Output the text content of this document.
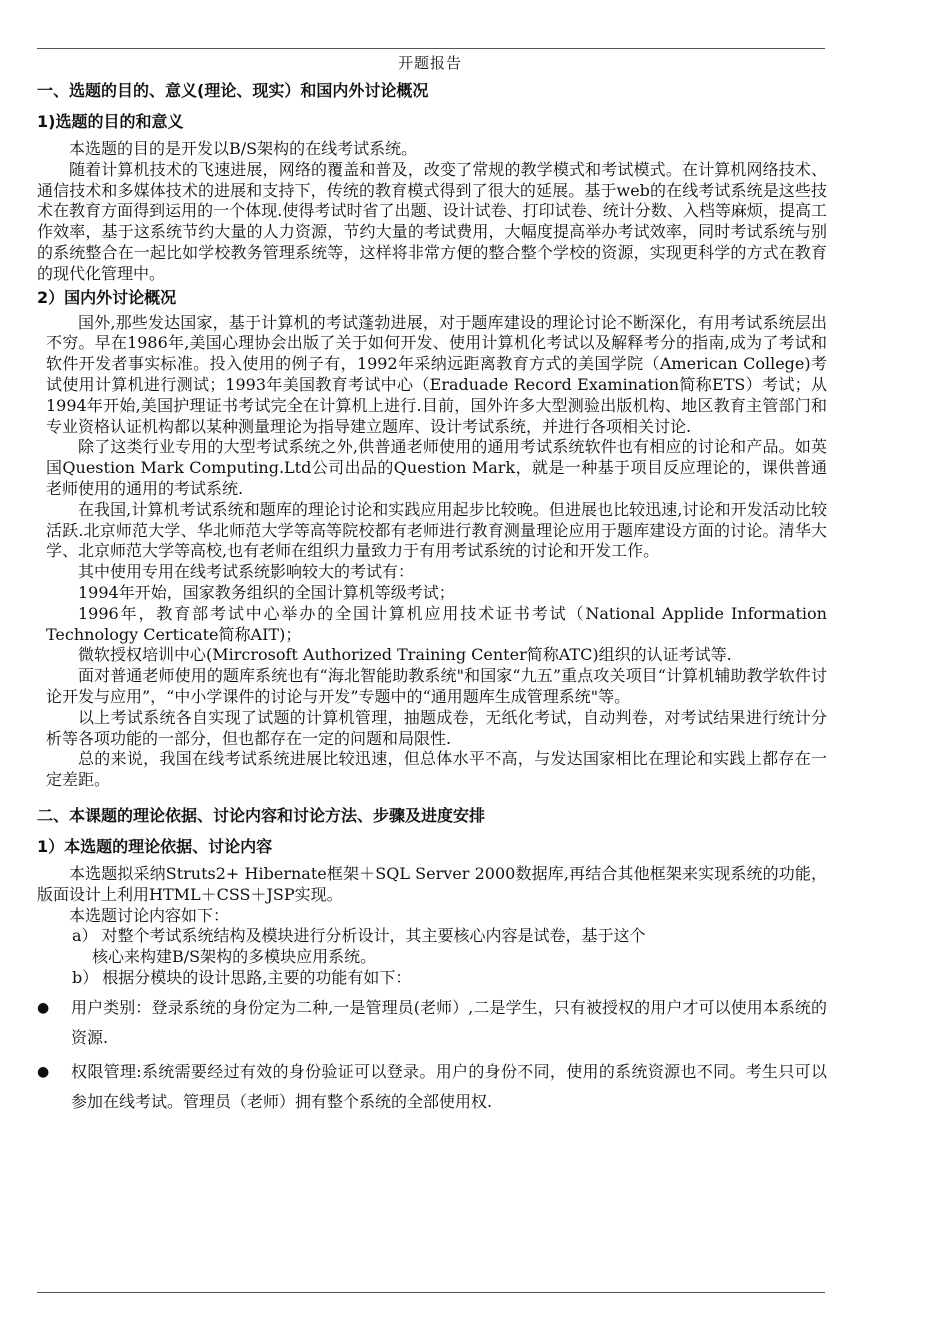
开题报告
一、选题的目的、意义(理论、现实）和国内外讨论概况
1)选题的目的和意义

本选题的目的是开发以B/S架构的在线考试系统。

随着计算机技术的飞速进展，网络的覆盖和普及，改变了常规的教学模式和考试模式。在计算机网络技术、通信技术和多媒体技术的进展和支持下，传统的教育模式得到了很大的延展。基于web的在线考试系统是这些技术在教育方面得到运用的一个体现.使得考试时省了出题、设计试卷、打印试卷、统计分数、入档等麻烦，提高工作效率，基于这系统节约大量的人力资源，节约大量的考试费用，大幅度提高举办考试效率，同时考试系统与别的系统整合在一起比如学校教务管理系统等，这样将非常方便的整合整个学校的资源，实现更科学的方式在教育的现代化管理中。

2）国内外讨论概况

国外,那些发达国家，基于计算机的考试蓬勃进展，对于题库建设的理论讨论不断深化，有用考试系统层出不穷。早在1986年,美国心理协会出版了关于如何开发、使用计算机化考试以及解释考分的指南,成为了考试和软件开发者事实标准。投入使用的例子有，1992年采纳远距离教育方式的美国学院（American College)考试使用计算机进行测试；1993年美国教育考试中心（Eraduade Record Examination简称ETS）考试；从1994年开始,美国护理证书考试完全在计算机上进行.目前，国外许多大型测验出版机构、地区教育主管部门和专业资格认证机构都以某种测量理论为指导建立题库、设计考试系统，并进行各项相关讨论.

除了这类行业专用的大型考试系统之外,供普通老师使用的通用考试系统软件也有相应的讨论和产品。如英国Question Mark Computing.Ltd公司出品的Question Mark，就是一种基于项目反应理论的，课供普通老师使用的通用的考试系统.

在我国,计算机考试系统和题库的理论讨论和实践应用起步比较晚。但进展也比较迅速,讨论和开发活动比较活跃.北京师范大学、华北师范大学等高等院校都有老师进行教育测量理论应用于题库建设方面的讨论。清华大学、北京师范大学等高校,也有老师在组织力量致力于有用考试系统的讨论和开发工作。

其中使用专用在线考试系统影响较大的考试有：

1994年开始，国家教务组织的全国计算机等级考试；

1996年，教育部考试中心举办的全国计算机应用技术证书考试（National Applide Information Technology Certicate简称AIT)；

微软授权培训中心(Mircrosoft Authorized Training Center简称ATC)组织的认证考试等.

面对普通老师使用的题库系统也有“海北智能助教系统"和国家“九五”重点攻关项目“计算机辅助教学软件讨论开发与应用”，“中小学课件的讨论与开发”专题中的“通用题库生成管理系统"等。

以上考试系统各自实现了试题的计算机管理，抽题成卷，无纸化考试，自动判卷，对考试结果进行统计分析等各项功能的一部分，但也都存在一定的问题和局限性.

总的来说，我国在线考试系统进展比较迅速，但总体水平不高，与发达国家相比在理论和实践上都存在一定差距。

二、本课题的理论依据、讨论内容和讨论方法、步骤及进度安排
1）本选题的理论依据、讨论内容

本选题拟采纳Struts2+ Hibernate框架＋SQL Server 2000数据库,再结合其他框架来实现系统的功能，版面设计上利用HTML＋CSS＋JSP实现。

本选题讨论内容如下：

a） 对整个考试系统结构及模块进行分析设计，其主要核心内容是试卷，基于这个

核心来构建B/S架构的多模块应用系统。

b） 根据分模块的设计思路,主要的功能有如下：

●	用户类别：登录系统的身份定为二种,一是管理员(老师）,二是学生，只有被授权的用户才可以使用本系统的资源.
●	权限管理:系统需要经过有效的身份验证可以登录。用户的身份不同，使用的系统资源也不同。考生只可以参加在线考试。管理员（老师）拥有整个系统的全部使用权.
